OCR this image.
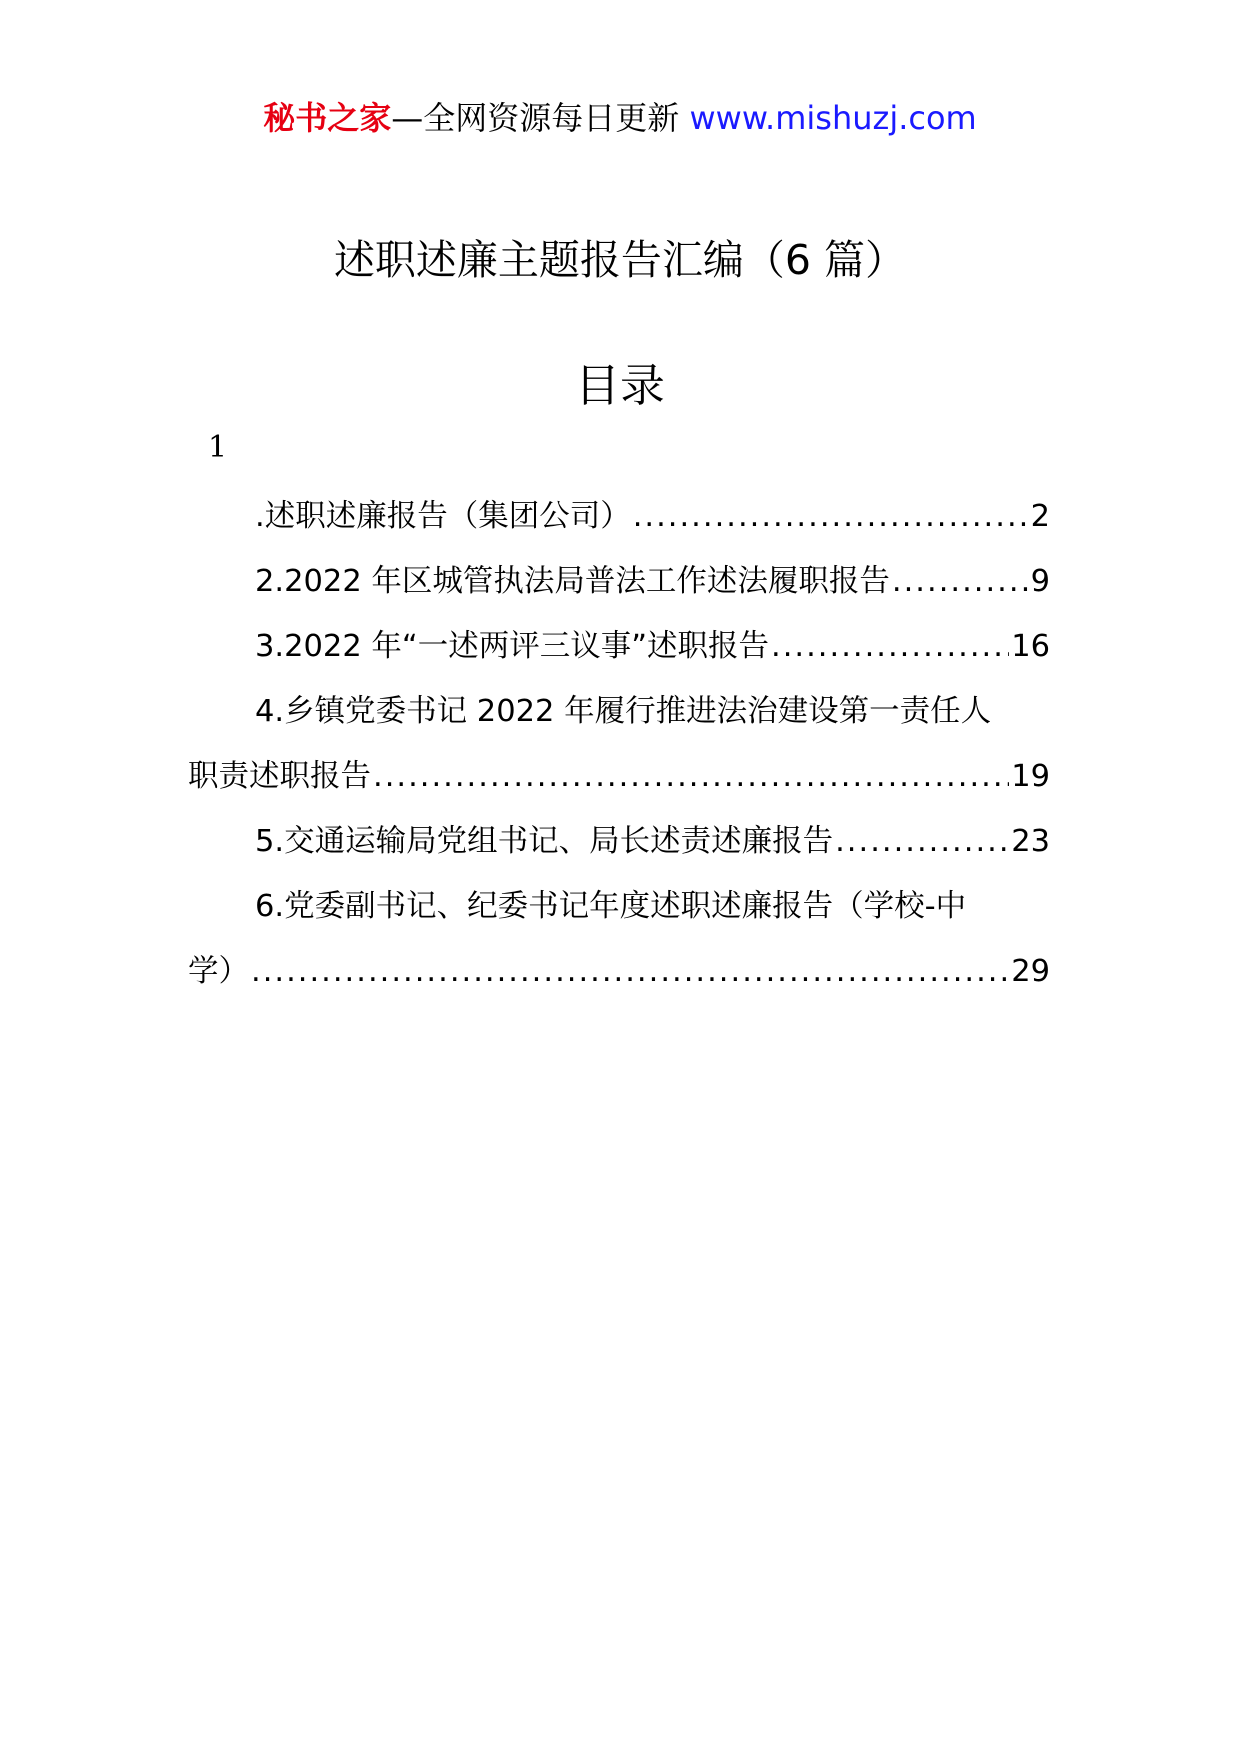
秘书之家—全网资源每日更新 www.mishuzj.com
述职述廉主题报告汇编（6 篇）
目录
1
.述职述廉报告（集团公司） .....	2
2.2022 年区城管执法局普法工作述法履职报告 .....	9
3.2022 年“一述两评三议事”述职报告 .....	16
4.乡镇党委书记 2022 年履行推进法治建设第一责任人
职责述职报告 .....	19
5.交通运输局党组书记、局长述责述廉报告 .....	23
6.党委副书记、纪委书记年度述职述廉报告（学校-中
学） .....	29
